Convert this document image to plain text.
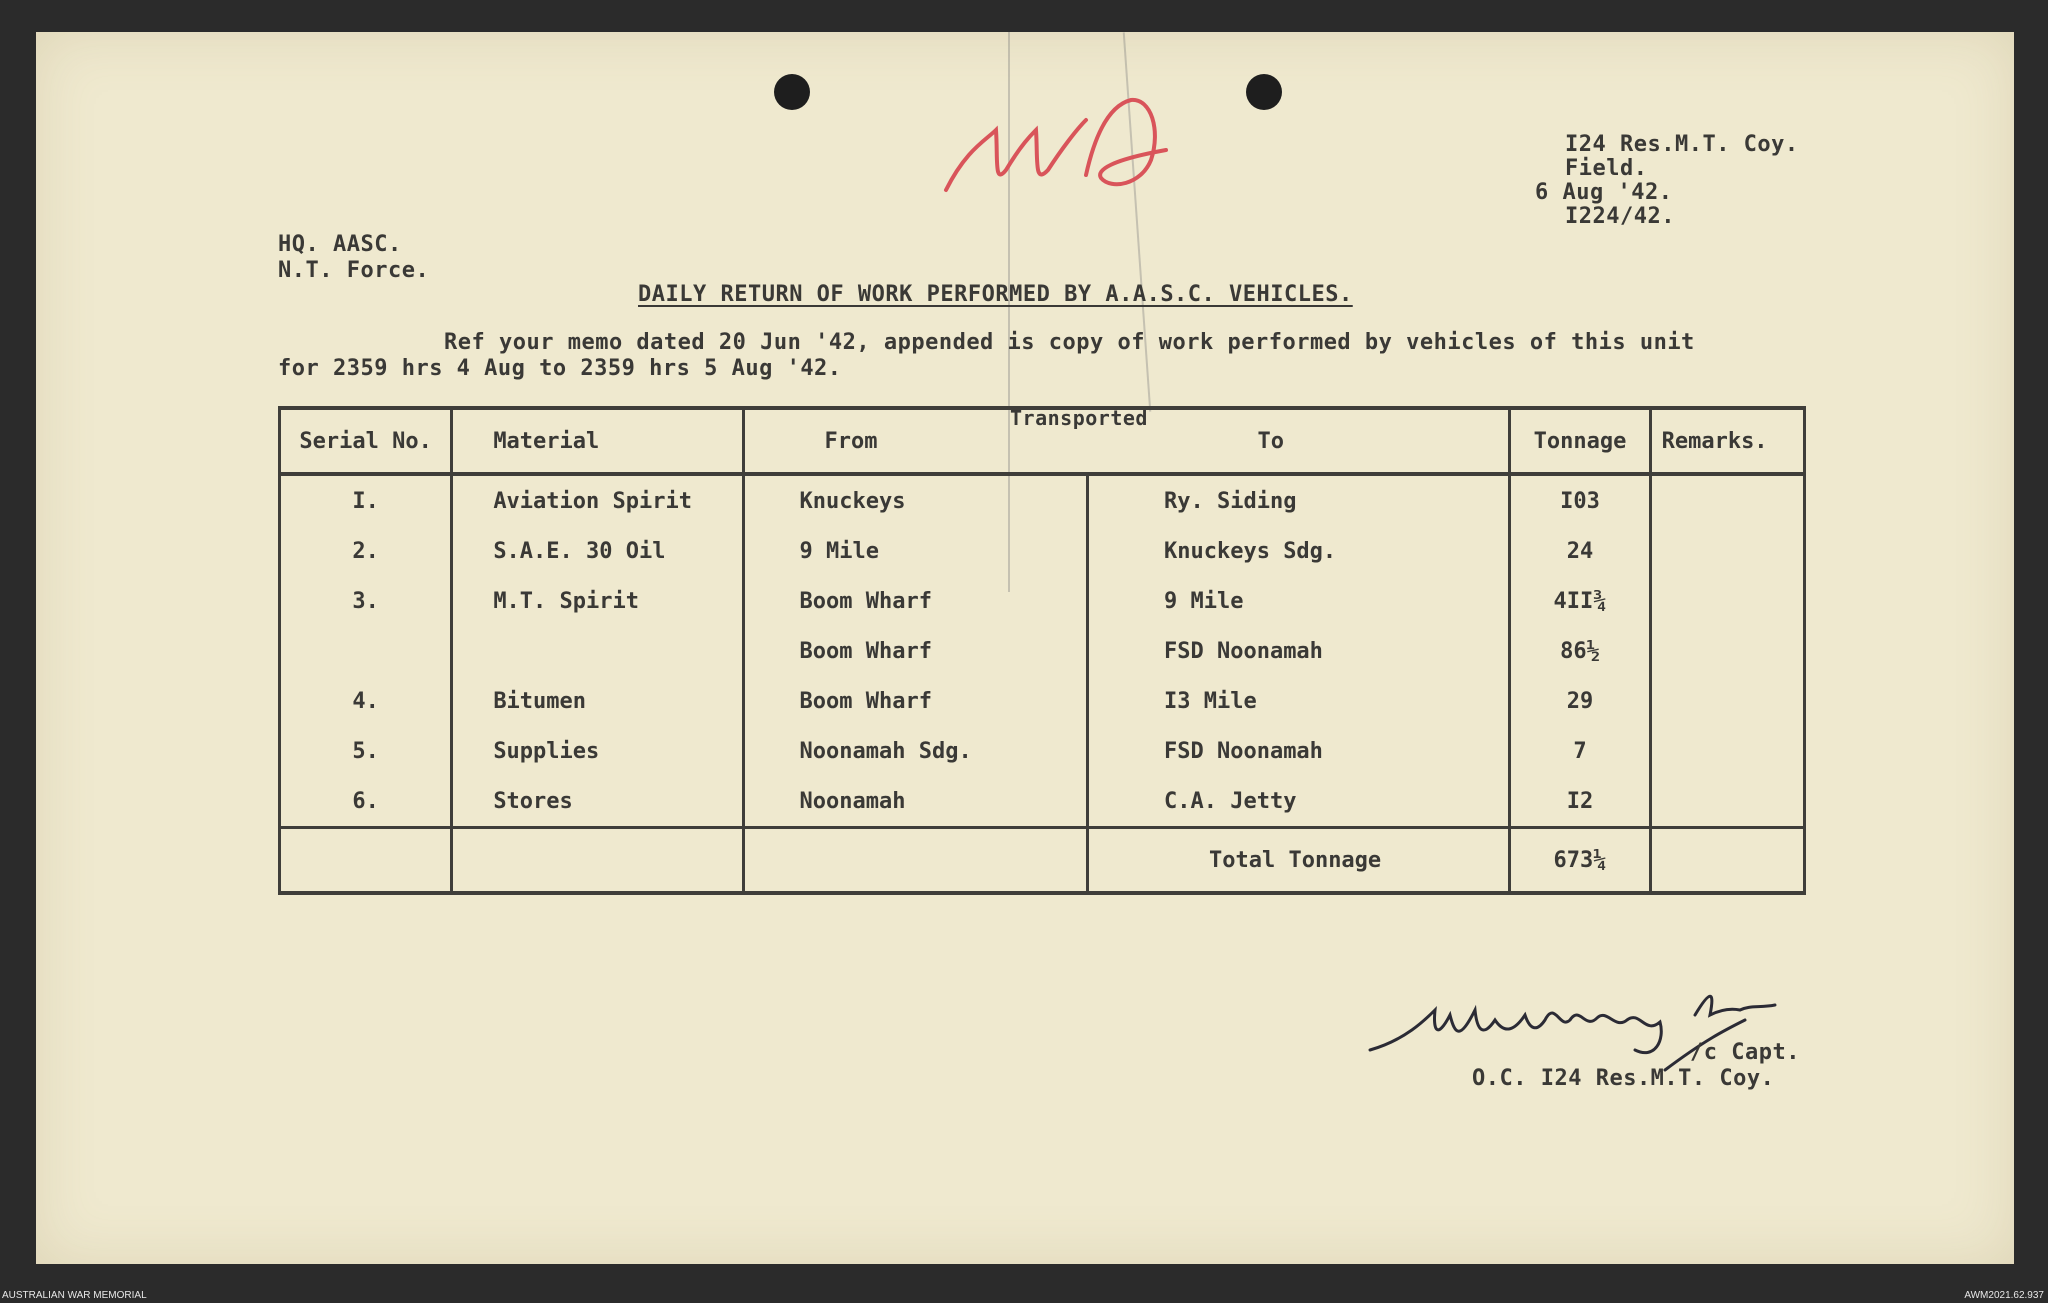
I24 Res.M.T. Coy.
Field.
6 Aug '42.
I224/42.
HQ. AASC.
N.T. Force.
DAILY RETURN OF WORK PERFORMED BY A.A.S.C. VEHICLES.
Ref your memo dated 20 Jun '42, appended is copy of work performed by vehicles of this unit
for 2359 hrs 4 Aug to 2359 hrs 5 Aug '42.
Transported
Serial No.	Material	From	To	Tonnage	Remarks.
I.	Aviation Spirit	Knuckeys	Ry. Siding	I03	
2.	S.A.E. 30 Oil	9 Mile	Knuckeys Sdg.	24	
3.	M.T. Spirit	Boom Wharf	9 Mile	4II¾	
		Boom Wharf	FSD Noonamah	86½	
4.	Bitumen	Boom Wharf	I3 Mile	29	
5.	Supplies	Noonamah Sdg.	FSD Noonamah	7	
6.	Stores	Noonamah	C.A. Jetty	I2	
			Total Tonnage	673¼	
/c Capt.
O.C. I24 Res.M.T. Coy.
AUSTRALIAN WAR MEMORIAL	AWM2021.62.937
